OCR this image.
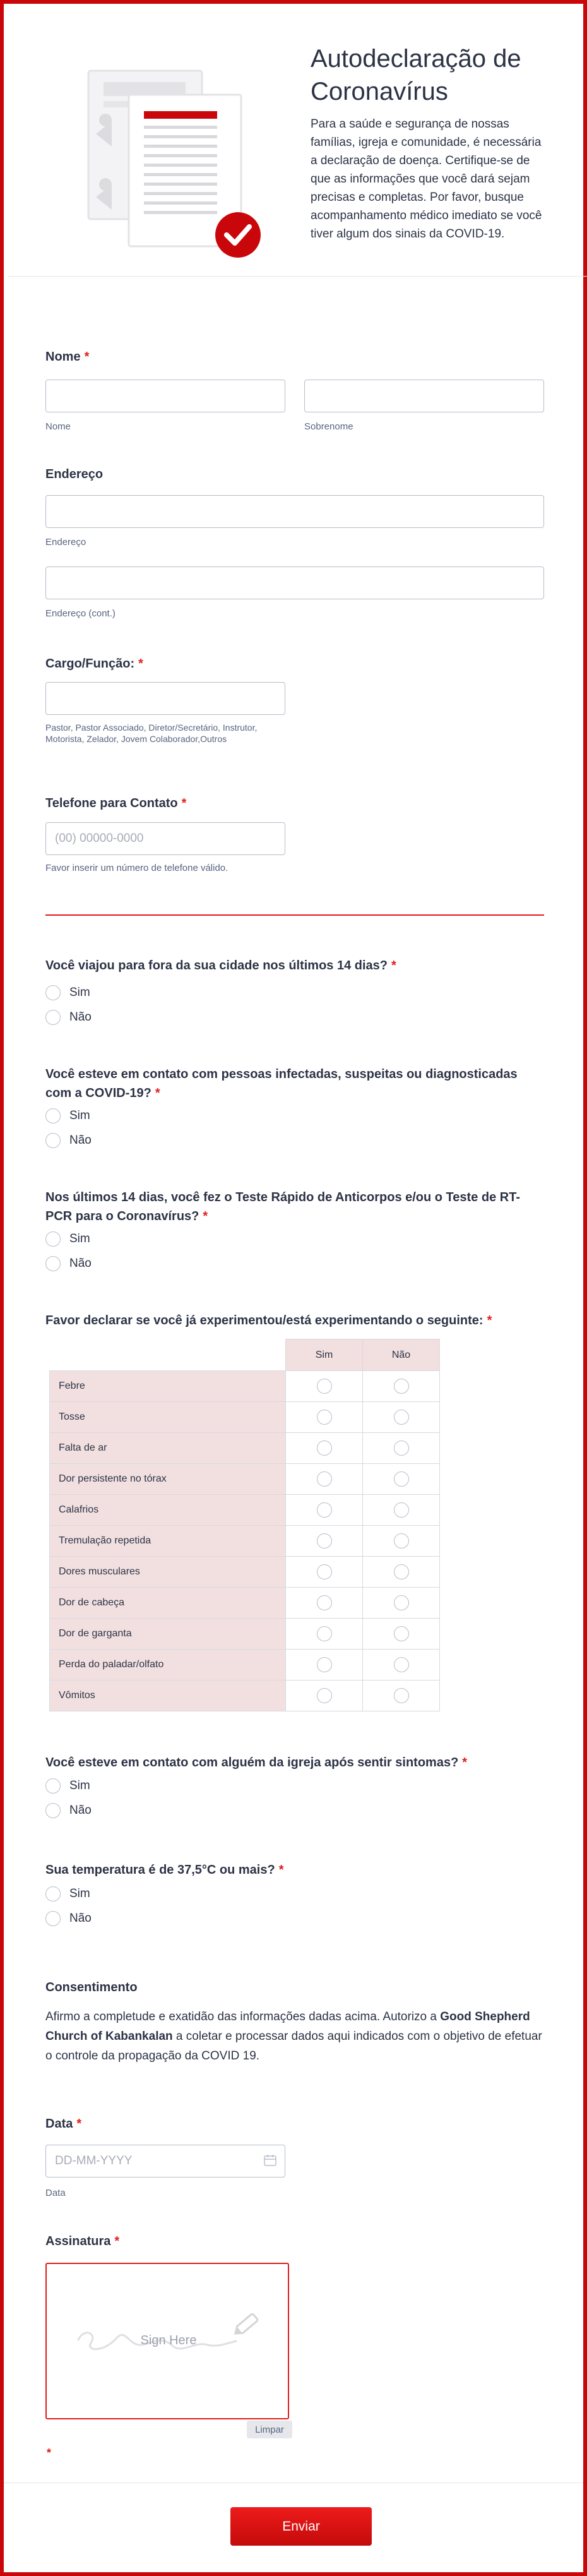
Autodeclaração de Coronavírus
Para a saúde e segurança de nossas famílias, igreja e comunidade, é necessária a declaração de doença. Certifique-se de que as informações que você dará sejam precisas e completas. Por favor, busque acompanhamento médico imediato se você tiver algum dos sinais da COVID-19.
Nome *
Nome	Sobrenome
Endereço
Endereço
Endereço (cont.)
Cargo/Função: *
Pastor, Pastor Associado, Diretor/Secretário, Instrutor, Motorista, Zelador, Jovem Colaborador,Outros
Telefone para Contato *
(00) 00000-0000
Favor inserir um número de telefone válido.
Você viajou para fora da sua cidade nos últimos 14 dias? *
Sim
Não
Você esteve em contato com pessoas infectadas, suspeitas ou diagnosticadas com a COVID-19? *
Sim
Não
Nos últimos 14 dias, você fez o Teste Rápido de Anticorpos e/ou o Teste de RT-PCR para o Coronavírus? *
Sim
Não
Favor declarar se você já experimentou/está experimentando o seguinte: *
	Sim	Não
Febre		
Tosse		
Falta de ar		
Dor persistente no tórax		
Calafrios		
Tremulação repetida		
Dores musculares		
Dor de cabeça		
Dor de garganta		
Perda do paladar/olfato		
Vômitos		
Você esteve em contato com alguém da igreja após sentir sintomas? *
Sim
Não
Sua temperatura é de 37,5°C ou mais? *
Sim
Não
Consentimento
Afirmo a completude e exatidão das informações dadas acima. Autorizo a Good Shepherd Church of Kabankalan a coletar e processar dados aqui indicados com o objetivo de efetuar o controle da propagação da COVID 19.
Data *
DD-MM-YYYY
Data
Assinatura *
Sign Here
Limpar
*
Enviar
